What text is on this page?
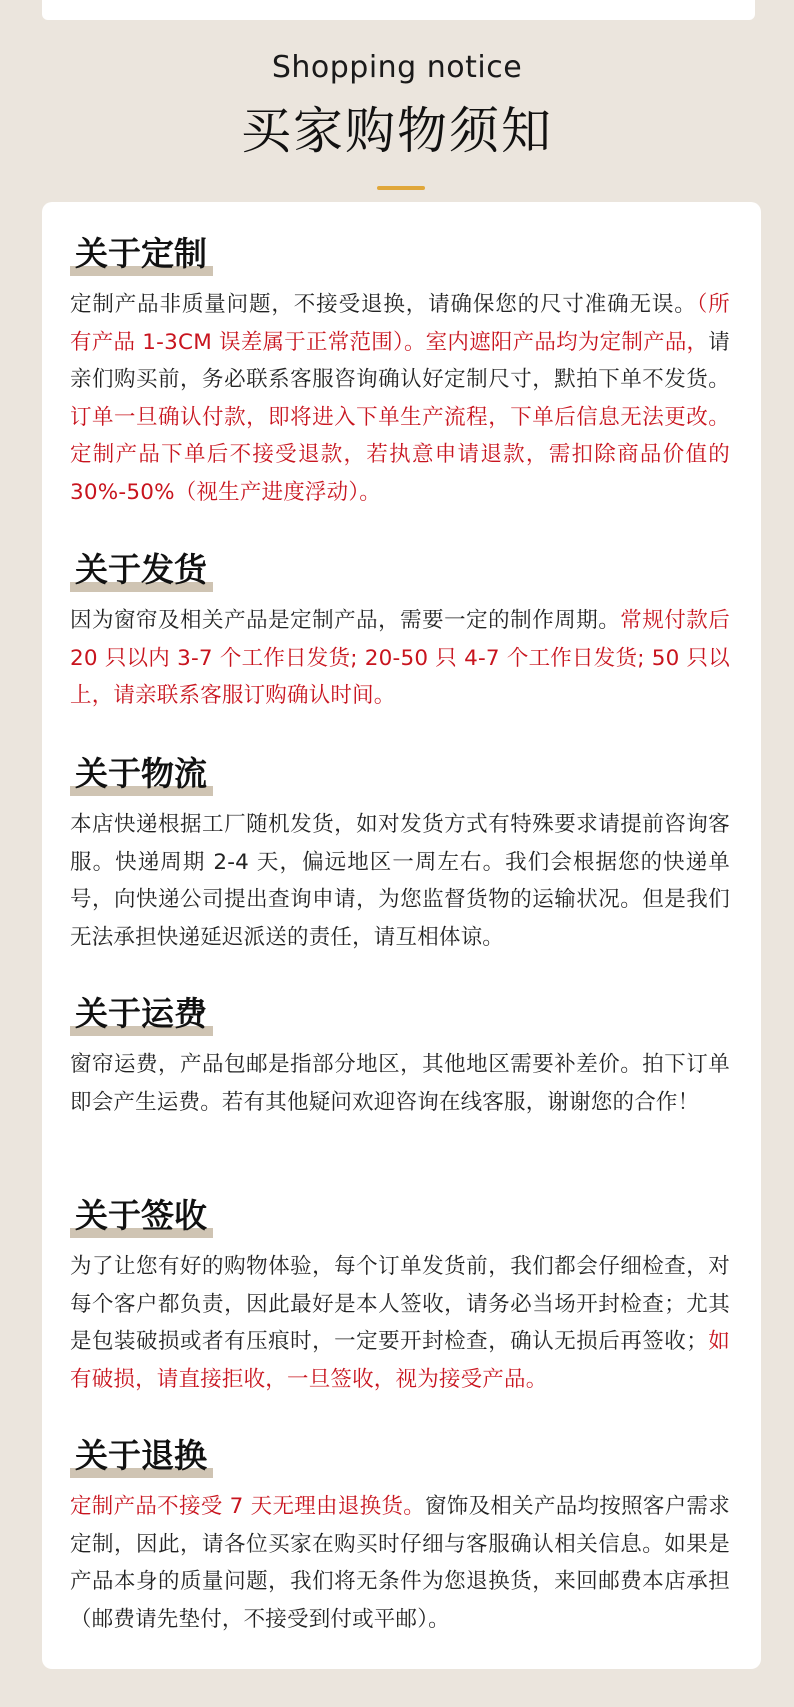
Shopping notice
买家购物须知
关于定制
定制产品非质量问题，不接受退换，请确保您的尺寸准确无误。（所有产品 1-3CM 误差属于正常范围）。室内遮阳产品均为定制产品，请亲们购买前，务必联系客服咨询确认好定制尺寸，默拍下单不发货。订单一旦确认付款，即将进入下单生产流程，下单后信息无法更改。定制产品下单后不接受退款，若执意申请退款，需扣除商品价值的 30%-50%（视生产进度浮动）。
关于发货
因为窗帘及相关产品是定制产品，需要一定的制作周期。常规付款后 20 只以内 3-7 个工作日发货; 20-50 只 4-7 个工作日发货; 50 只以上，请亲联系客服订购确认时间。
关于物流
本店快递根据工厂随机发货，如对发货方式有特殊要求请提前咨询客服。快递周期 2-4 天，偏远地区一周左右。我们会根据您的快递单号，向快递公司提出查询申请，为您监督货物的运输状况。但是我们无法承担快递延迟派送的责任，请互相体谅。
关于运费
窗帘运费，产品包邮是指部分地区，其他地区需要补差价。拍下订单即会产生运费。若有其他疑问欢迎咨询在线客服，谢谢您的合作！
关于签收
为了让您有好的购物体验，每个订单发货前，我们都会仔细检查，对每个客户都负责，因此最好是本人签收，请务必当场开封检查；尤其是包装破损或者有压痕时，一定要开封检查，确认无损后再签收；如有破损，请直接拒收，一旦签收，视为接受产品。
关于退换
定制产品不接受 7 天无理由退换货。窗饰及相关产品均按照客户需求定制，因此，请各位买家在购买时仔细与客服确认相关信息。如果是产品本身的质量问题，我们将无条件为您退换货，来回邮费本店承担（邮费请先垫付，不接受到付或平邮）。
